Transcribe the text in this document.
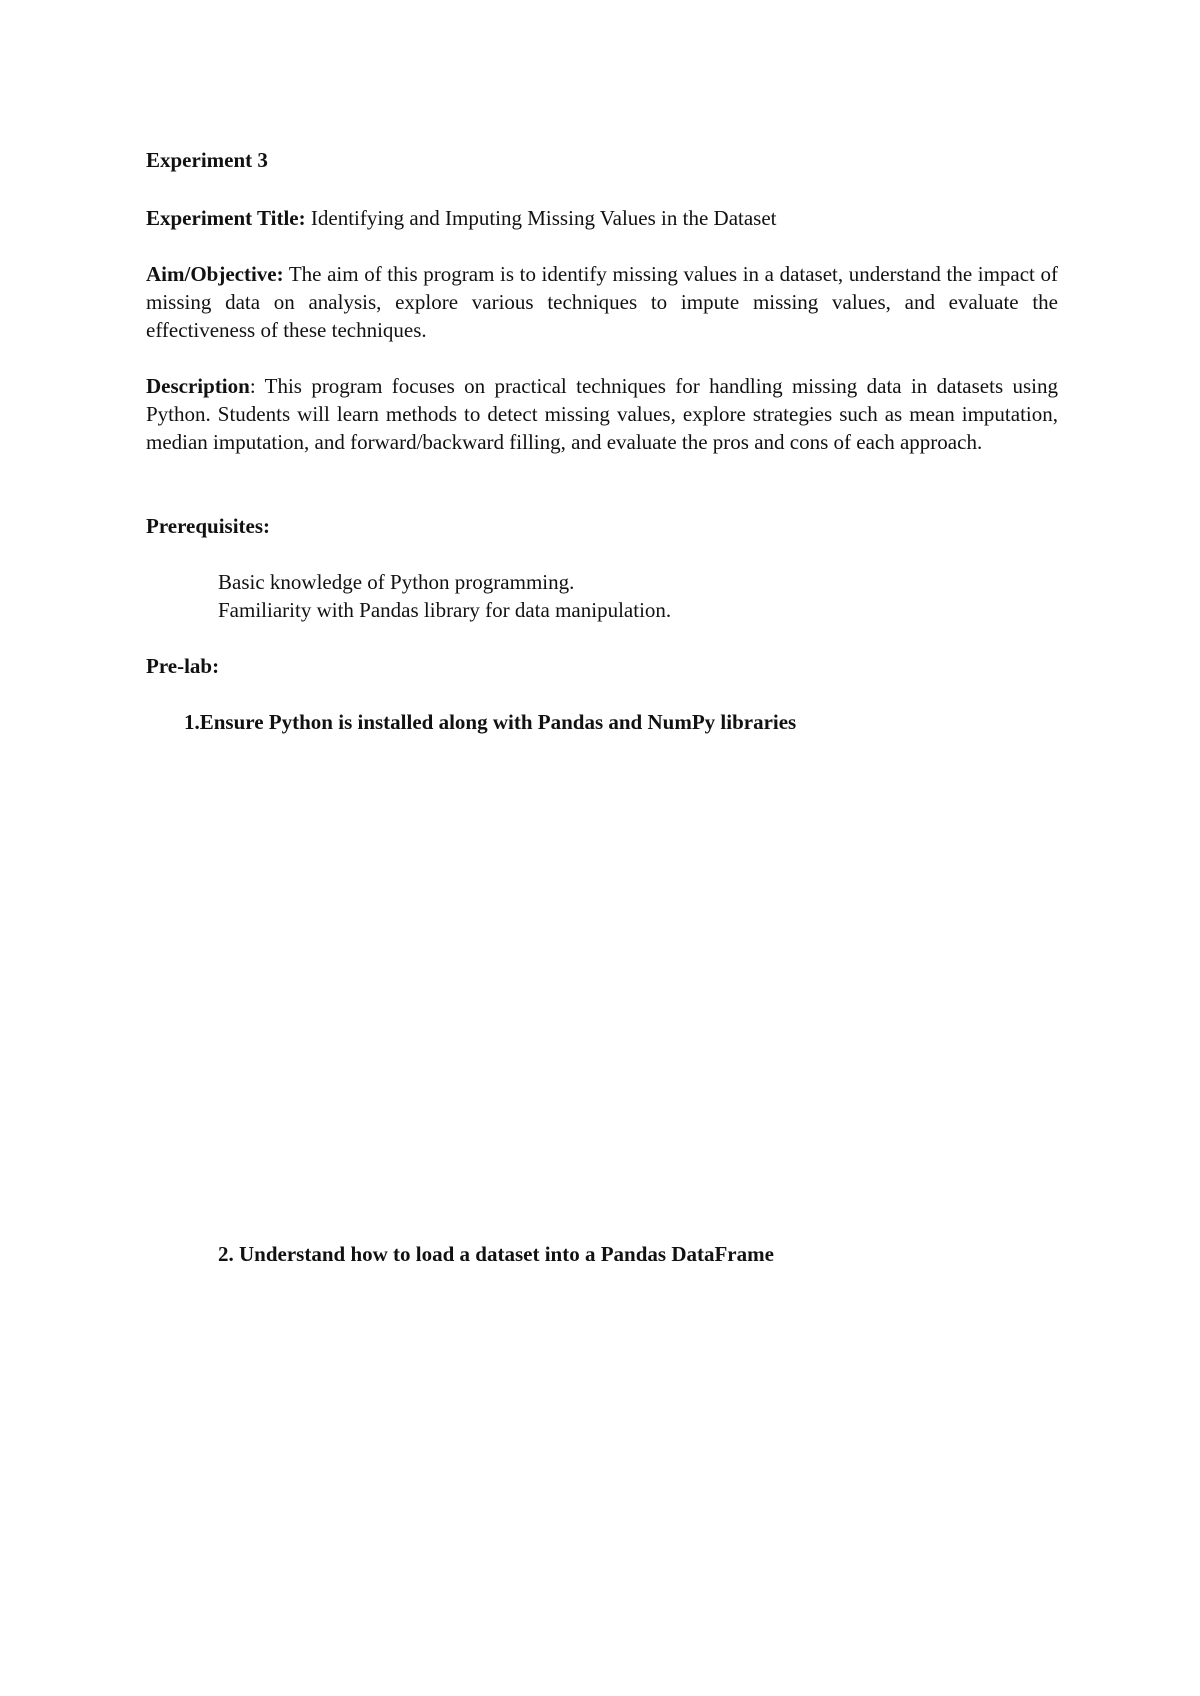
Experiment 3
Experiment Title: Identifying and Imputing Missing Values in the Dataset
Aim/Objective: The aim of this program is to identify missing values in a dataset, understand the impact of missing data on analysis, explore various techniques to impute missing values, and evaluate the effectiveness of these techniques.
Description: This program focuses on practical techniques for handling missing data in datasets using Python. Students will learn methods to detect missing values, explore strategies such as mean imputation, median imputation, and forward/backward filling, and evaluate the pros and cons of each approach.
Prerequisites:
Basic knowledge of Python programming.
Familiarity with Pandas library for data manipulation.
Pre-lab:
1.Ensure Python is installed along with Pandas and NumPy libraries
2. Understand how to load a dataset into a Pandas DataFrame
